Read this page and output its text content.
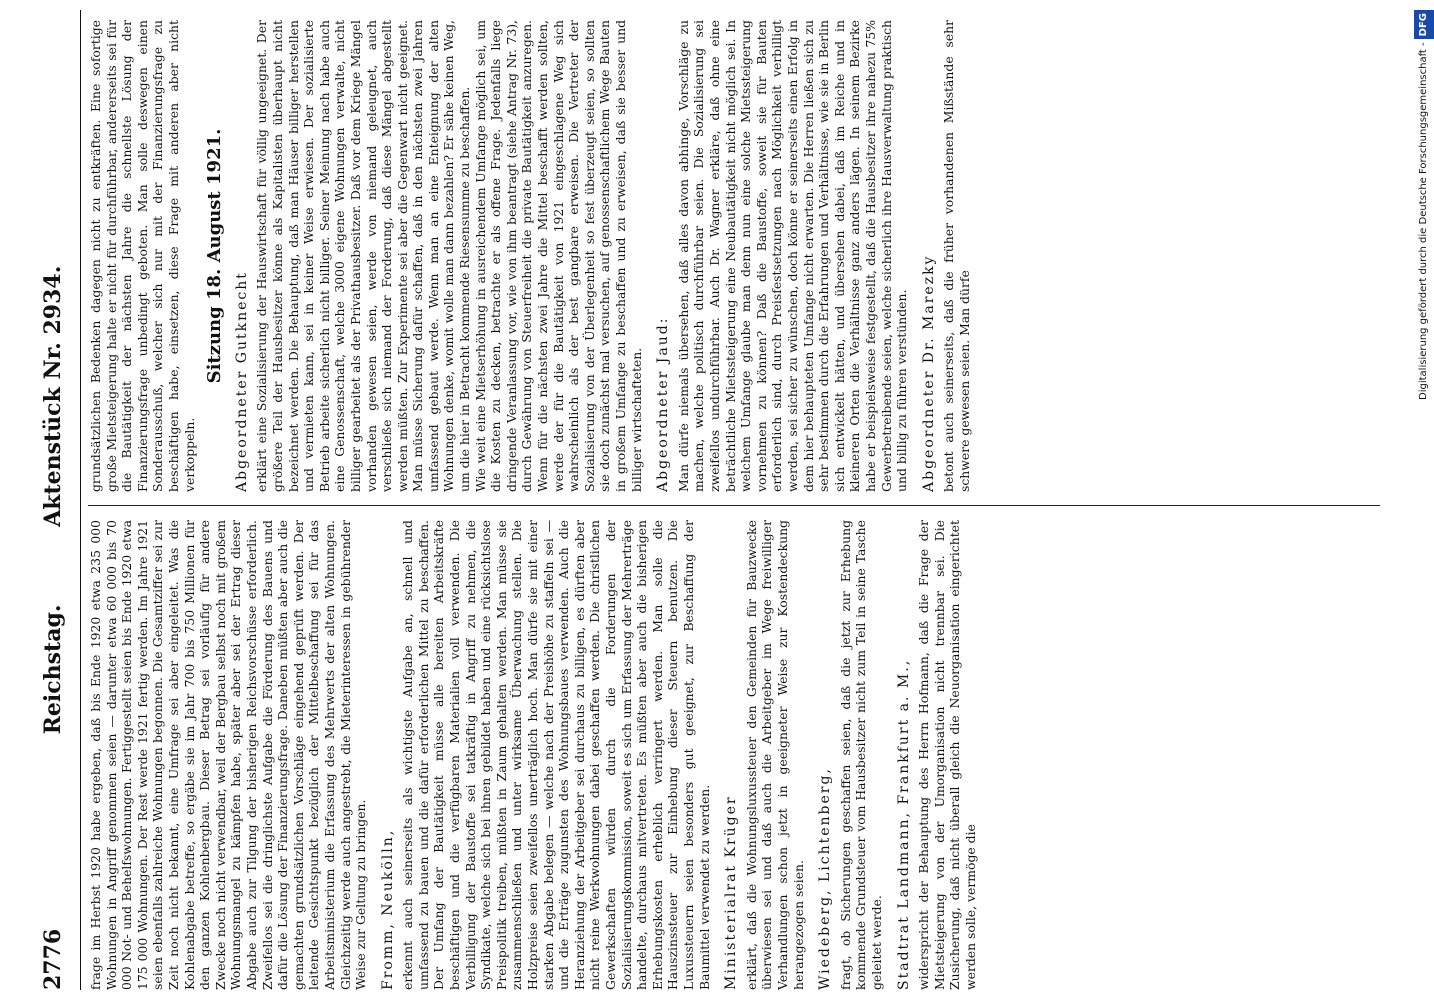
2776
Reichstag. Aktenstück Nr. 2934.

frage im Herbst 1920 habe ergeben, daß bis Ende 1920 etwa 235 000 Wohnungen in Angriff genommen seien — darunter etwa 60 000 bis 70 000 Not- und Behelfswohnungen. Fertiggestellt seien bis Ende 1920 etwa 175 000 Wohnungen. Der Rest werde 1921 fertig werden. Im Jahre 1921 seien ebenfalls zahlreiche Wohnungen begonnen. Die Gesamtziffer sei zur Zeit noch nicht bekannt, eine Umfrage sei aber eingeleitet. Was die Kohlenabgabe betreffe, so ergäbe sie im Jahr 700 bis 750 Millionen für den ganzen Kohlenbergbau. Dieser Betrag sei vorläufig für andere Zwecke noch nicht verwendbar, weil der Bergbau selbst noch mit großem Wohnungsmangel zu kämpfen habe, später aber sei der Ertrag dieser Abgabe auch zur Tilgung der bisherigen Reichsvorschüsse erforderlich. Zweifellos sei die dringlichste Aufgabe die Förderung des Bauens und dafür die Lösung der Finanzierungsfrage. Daneben müßten aber auch die gemachten grundsätzlichen Vorschläge eingehend geprüft werden. Der leitende Gesichtspunkt bezüglich der Mittelbeschaffung sei für das Arbeitsministerium die Erfassung des Mehrwerts der alten Wohnungen. Gleichzeitig werde auch angestrebt, die Mieterinteressen in gebührender Weise zur Geltung zu bringen. Fromm, Neukölln, erkennt auch seinerseits als wichtigste Aufgabe an, schnell und umfassend zu bauen und die dafür erforderlichen Mittel zu beschaffen. Der Umfang der Bautätigkeit müsse alle bereiten Arbeitskräfte beschäftigen und die verfügbaren Materialien voll verwenden. Die Verbilligung der Baustoffe sei tatkräftig in Angriff zu nehmen, die Syndikate, welche sich bei ihnen gebildet haben und eine rücksichtslose Preispolitik treiben, müßten in Zaum gehalten werden. Man müsse sie zusammenschließen und unter wirksame Überwachung stellen. Die Holzpreise seien zweifellos unerträglich hoch. Man dürfe sie mit einer starken Abgabe belegen — welche nach der Preishöhe zu staffeln sei — und die Erträge zugunsten des Wohnungsbaues verwenden. Auch die Heranziehung der Arbeitgeber sei durchaus zu billigen, es dürften aber nicht reine Werkwohnungen dabei geschaffen werden. Die christlichen Gewerkschaften würden durch die Forderungen der Sozialisierungskommission, soweit es sich um Erfassung der Mehrerträge handelte, durchaus mitvertreten. Es müßten aber auch die bisherigen Erhebungskosten erheblich verringert werden. Man solle die Hauszinssteuer zur Einhebung dieser Steuern benutzen. Die Luxussteuern seien besonders gut geeignet, zur Beschaffung der Baumittel verwendet zu werden. Ministerialrat Krüger erklärt, daß die Wohnungsluxussteuer den Gemeinden für Bauzwecke überwiesen sei und daß auch die Arbeitgeber im Wege freiwilliger Verhandlungen schon jetzt in geeigneter Weise zur Kostendeckung herangezogen seien. Wiedeberg, Lichtenberg, fragt, ob Sicherungen geschaffen seien, daß die jetzt zur Erhebung kommende Grundsteuer vom Hausbesitzer nicht zum Teil in seine Tasche geleitet werde. Stadtrat Landmann, Frankfurt a. M., widerspricht der Behauptung des Herrn Hofmann, daß die Frage der Mietsteigerung von der Umorganisation nicht trennbar sei. Die Zusicherung, daß nicht überall gleich die Neuorganisation eingerichtet werden solle, vermöge die

grundsätzlichen Bedenken dagegen nicht zu entkräften. Eine sofortige große Mietsteigerung halte er nicht für durchführbar, andererseits sei für die Bautätigkeit der nächsten Jahre die schnellste Lösung der Finanzierungsfrage unbedingt geboten. Man solle deswegen einen Sonderausschuß, welcher sich nur mit der Finanzierungsfrage zu beschäftigen habe, einsetzen, diese Frage mit anderen aber nicht verkoppeln.

Sitzung 18. August 1921. Abgeordneter Gutknecht erklärt eine Sozialisierung der Hauswirtschaft für völlig ungeeignet. Der größere Teil der Hausbesitzer könne als Kapitalisten überhaupt nicht bezeichnet werden. Die Behauptung, daß man Häuser billiger herstellen und vermieten kann, sei in keiner Weise erwiesen. Der sozialisierte Betrieb arbeite sicherlich nicht billiger. Seiner Meinung nach habe auch eine Genossenschaft, welche 3000 eigene Wohnungen verwalte, nicht billiger gearbeitet als der Privathausbesitzer. Daß vor dem Kriege Mängel vorhanden gewesen seien, werde von niemand geleugnet, auch verschließe sich niemand der Forderung, daß diese Mängel abgestellt werden müßten. Zur Experimente sei aber die Gegenwart nicht geeignet. Man müsse Sicherung dafür schaffen, daß in den nächsten zwei Jahren umfassend gebaut werde. Wenn man an eine Enteignung der alten Wohnungen denke, womit wolle man dann bezahlen? Er sähe keinen Weg, um die hier in Betracht kommende Riesensumme zu beschaffen. Wie weit eine Mietserhöhung in ausreichendem Umfange möglich sei, um die Kosten zu decken, betrachte er als offene Frage. Jedenfalls liege dringende Veranlassung vor, wie von ihm beantragt (siehe Antrag Nr. 73), durch Gewährung von Steuerfreiheit die private Bautätigkeit anzuregen. Wenn für die nächsten zwei Jahre die Mittel beschafft werden sollten, werde der für die Bautätigkeit von 1921 eingeschlagene Weg sich wahrscheinlich als der best gangbare erweisen. Die Vertreter der Sozialisierung von der Überlegenheit so fest überzeugt seien, so sollten sie doch zunächst mal versuchen, auf genossenschaftlichem Wege Bauten in großem Umfange zu beschaffen und zu erweisen, daß sie besser und billiger wirtschafteten. Abgeordneter Jaud: Man dürfe niemals übersehen, daß alles davon abhinge, Vorschläge zu machen, welche politisch durchführbar seien. Die Sozialisierung sei zweifellos undurchführbar. Auch Dr. Wagner erkläre, daß ohne eine beträchtliche Mietssteigerung eine Neubautätigkeit nicht möglich sei. In welchem Umfange glaube man denn nun eine solche Mietssteigerung vornehmen zu können? Daß die Baustoffe, soweit sie für Bauten erforderlich sind, durch Preisfestsetzungen nach Möglichkeit verbilligt werden, sei sicher zu wünschen, doch könne er seinerseits einen Erfolg in dem hier behaupteten Umfange nicht erwarten. Die Herren ließen sich zu sehr bestimmen durch die Erfahrungen und Verhältnisse, wie sie in Berlin sich entwickelt hätten, und übersehen dabei, daß im Reiche und in kleineren Orten die Verhältnisse ganz anders lägen. In seinem Bezirke habe er beispielsweise festgestellt, daß die Hausbesitzer ihre nahezu 75% Gewerbetreibende seien, welche sicherlich ihre Hausverwaltung praktisch und billig zu führen verstünden. Abgeordneter Dr. Marezky betont auch seinerseits, daß die früher vorhandenen Mißstände sehr schwere gewesen seien. Man dürfe	Digitalisierung gefördert durch die Deutsche Forschungsgemeinschaft -DFG
